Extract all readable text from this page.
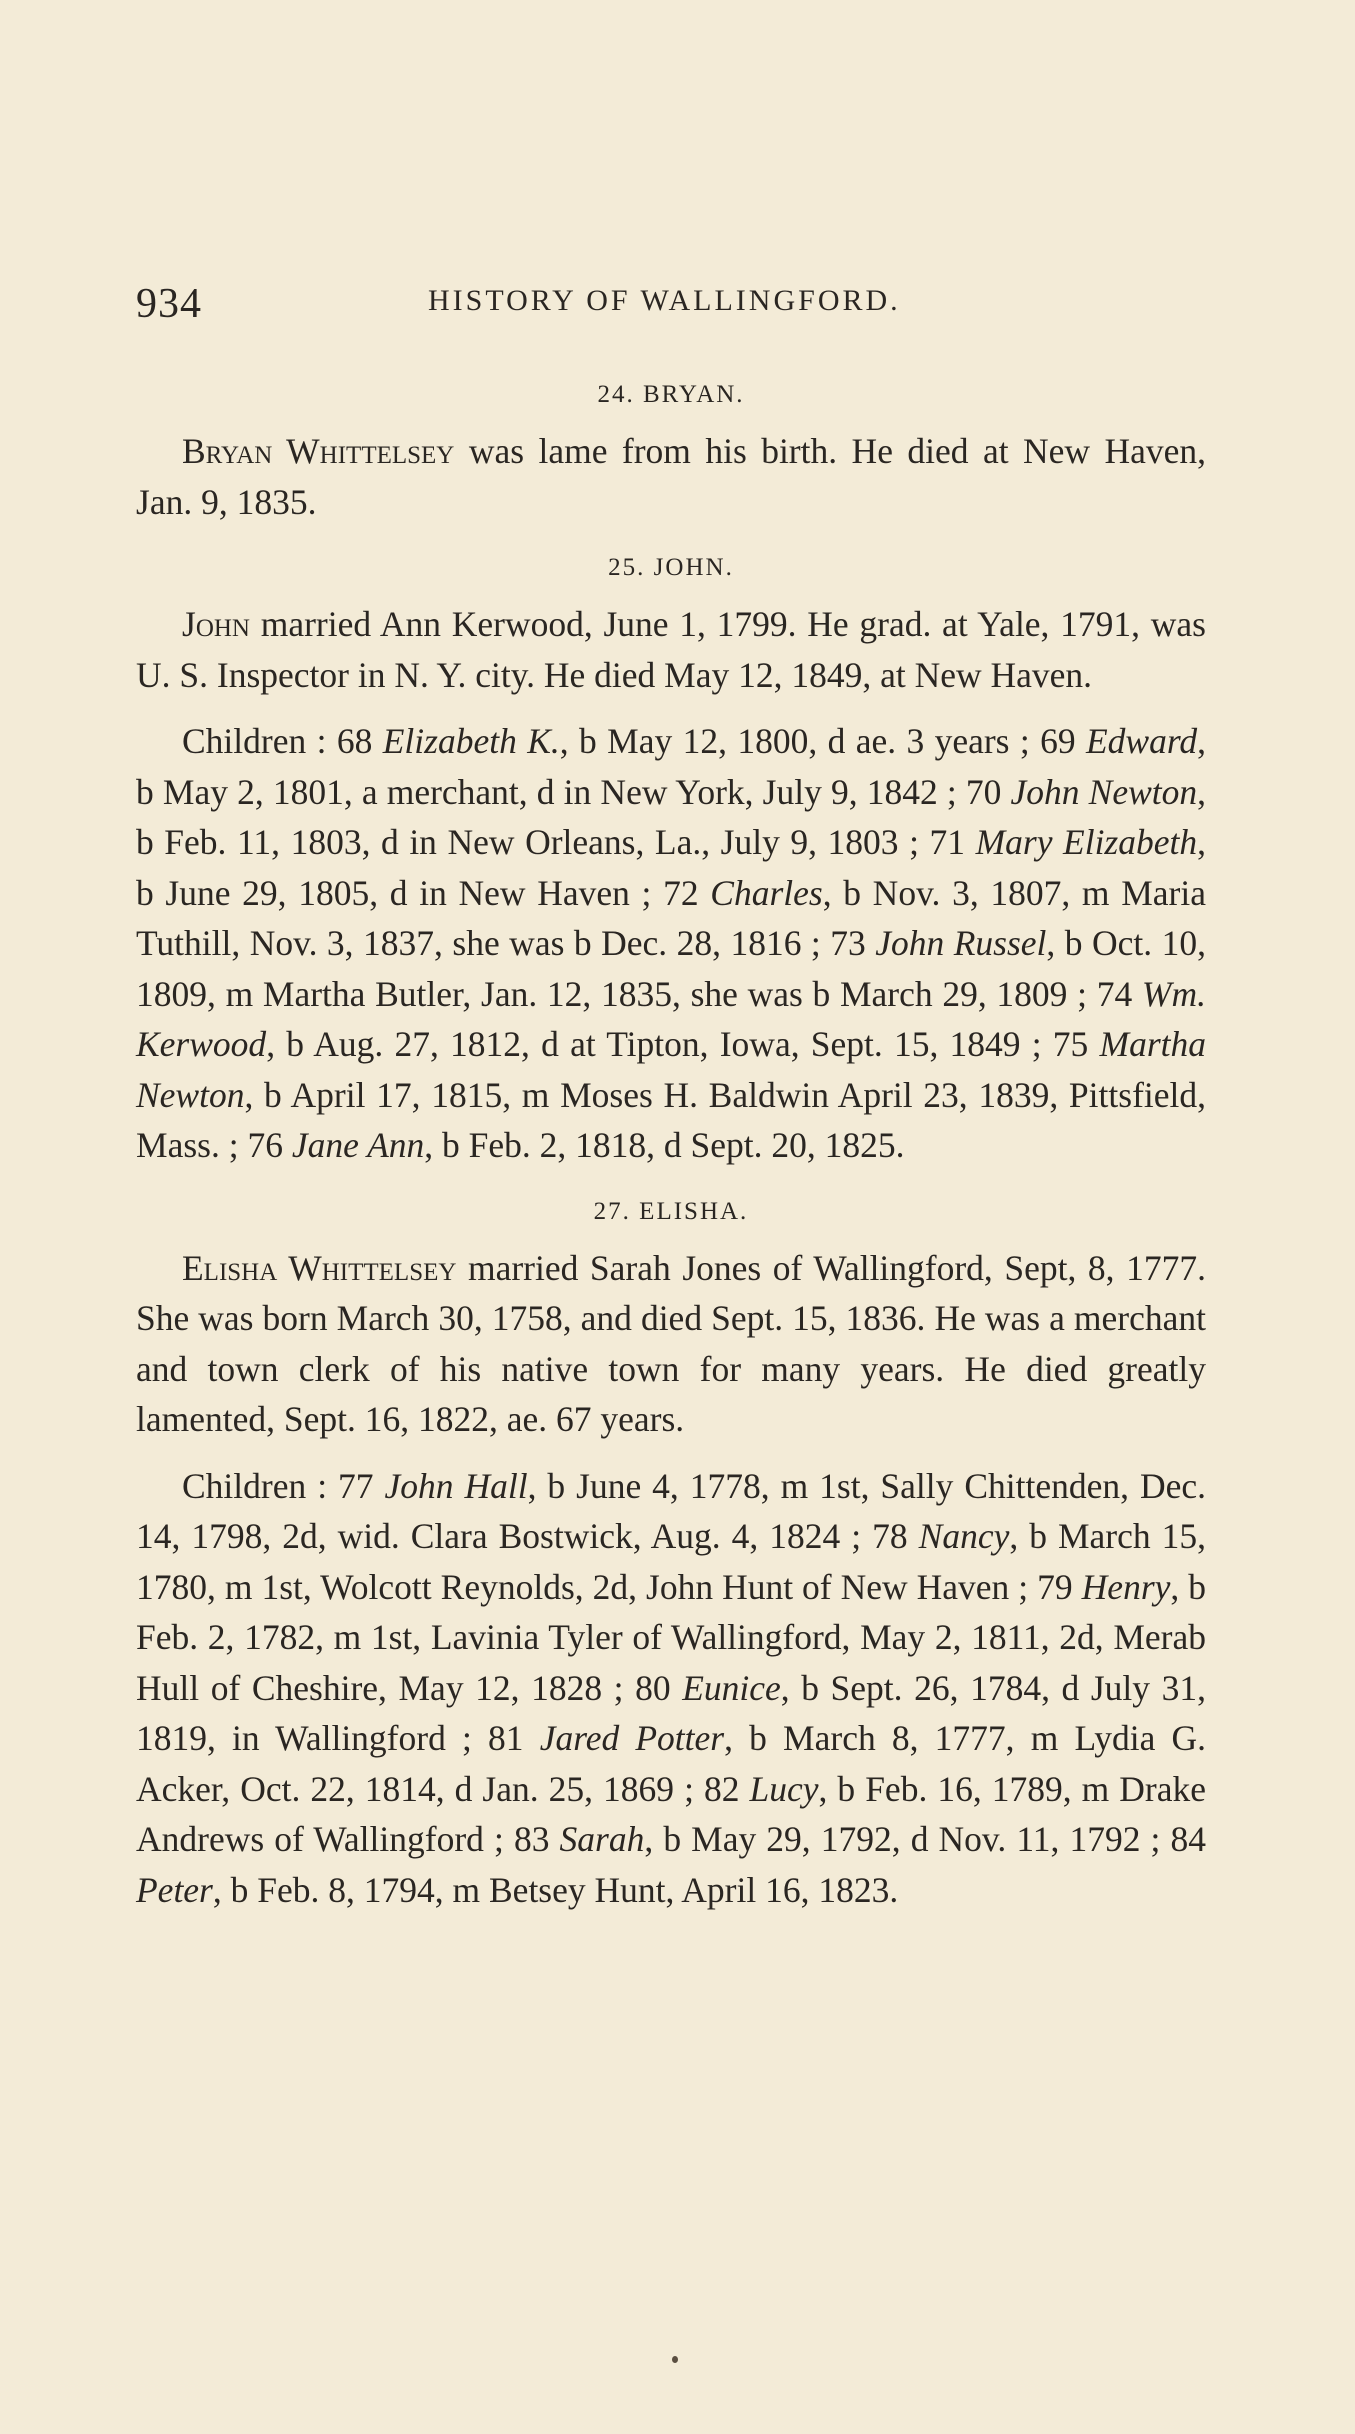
934	HISTORY OF WALLINGFORD.
24. BRYAN.

Bryan Whittelsey was lame from his birth. He died at New Haven, Jan. 9, 1835.

25. JOHN.

John married Ann Kerwood, June 1, 1799. He grad. at Yale, 1791, was U. S. Inspector in N. Y. city. He died May 12, 1849, at New Haven.

Children : 68 Elizabeth K., b May 12, 1800, d ae. 3 years ; 69 Edward, b May 2, 1801, a merchant, d in New York, July 9, 1842 ; 70 John Newton, b Feb. 11, 1803, d in New Orleans, La., July 9, 1803 ; 71 Mary Elizabeth, b June 29, 1805, d in New Haven ; 72 Charles, b Nov. 3, 1807, m Maria Tuthill, Nov. 3, 1837, she was b Dec. 28, 1816 ; 73 John Russel, b Oct. 10, 1809, m Martha Butler, Jan. 12, 1835, she was b March 29, 1809 ; 74 Wm. Kerwood, b Aug. 27, 1812, d at Tipton, Iowa, Sept. 15, 1849 ; 75 Martha Newton, b April 17, 1815, m Moses H. Baldwin April 23, 1839, Pittsfield, Mass. ; 76 Jane Ann, b Feb. 2, 1818, d Sept. 20, 1825.

27. ELISHA.

Elisha Whittelsey married Sarah Jones of Wallingford, Sept, 8, 1777. She was born March 30, 1758, and died Sept. 15, 1836. He was a merchant and town clerk of his native town for many years. He died greatly lamented, Sept. 16, 1822, ae. 67 years.

Children : 77 John Hall, b June 4, 1778, m 1st, Sally Chittenden, Dec. 14, 1798, 2d, wid. Clara Bostwick, Aug. 4, 1824 ; 78 Nancy, b March 15, 1780, m 1st, Wolcott Reynolds, 2d, John Hunt of New Haven ; 79 Henry, b Feb. 2, 1782, m 1st, Lavinia Tyler of Wallingford, May 2, 1811, 2d, Merab Hull of Cheshire, May 12, 1828 ; 80 Eunice, b Sept. 26, 1784, d July 31, 1819, in Wallingford ; 81 Jared Potter, b March 8, 1777, m Lydia G. Acker, Oct. 22, 1814, d Jan. 25, 1869 ; 82 Lucy, b Feb. 16, 1789, m Drake Andrews of Wallingford ; 83 Sarah, b May 29, 1792, d Nov. 11, 1792 ; 84 Peter, b Feb. 8, 1794, m Betsey Hunt, April 16, 1823.
